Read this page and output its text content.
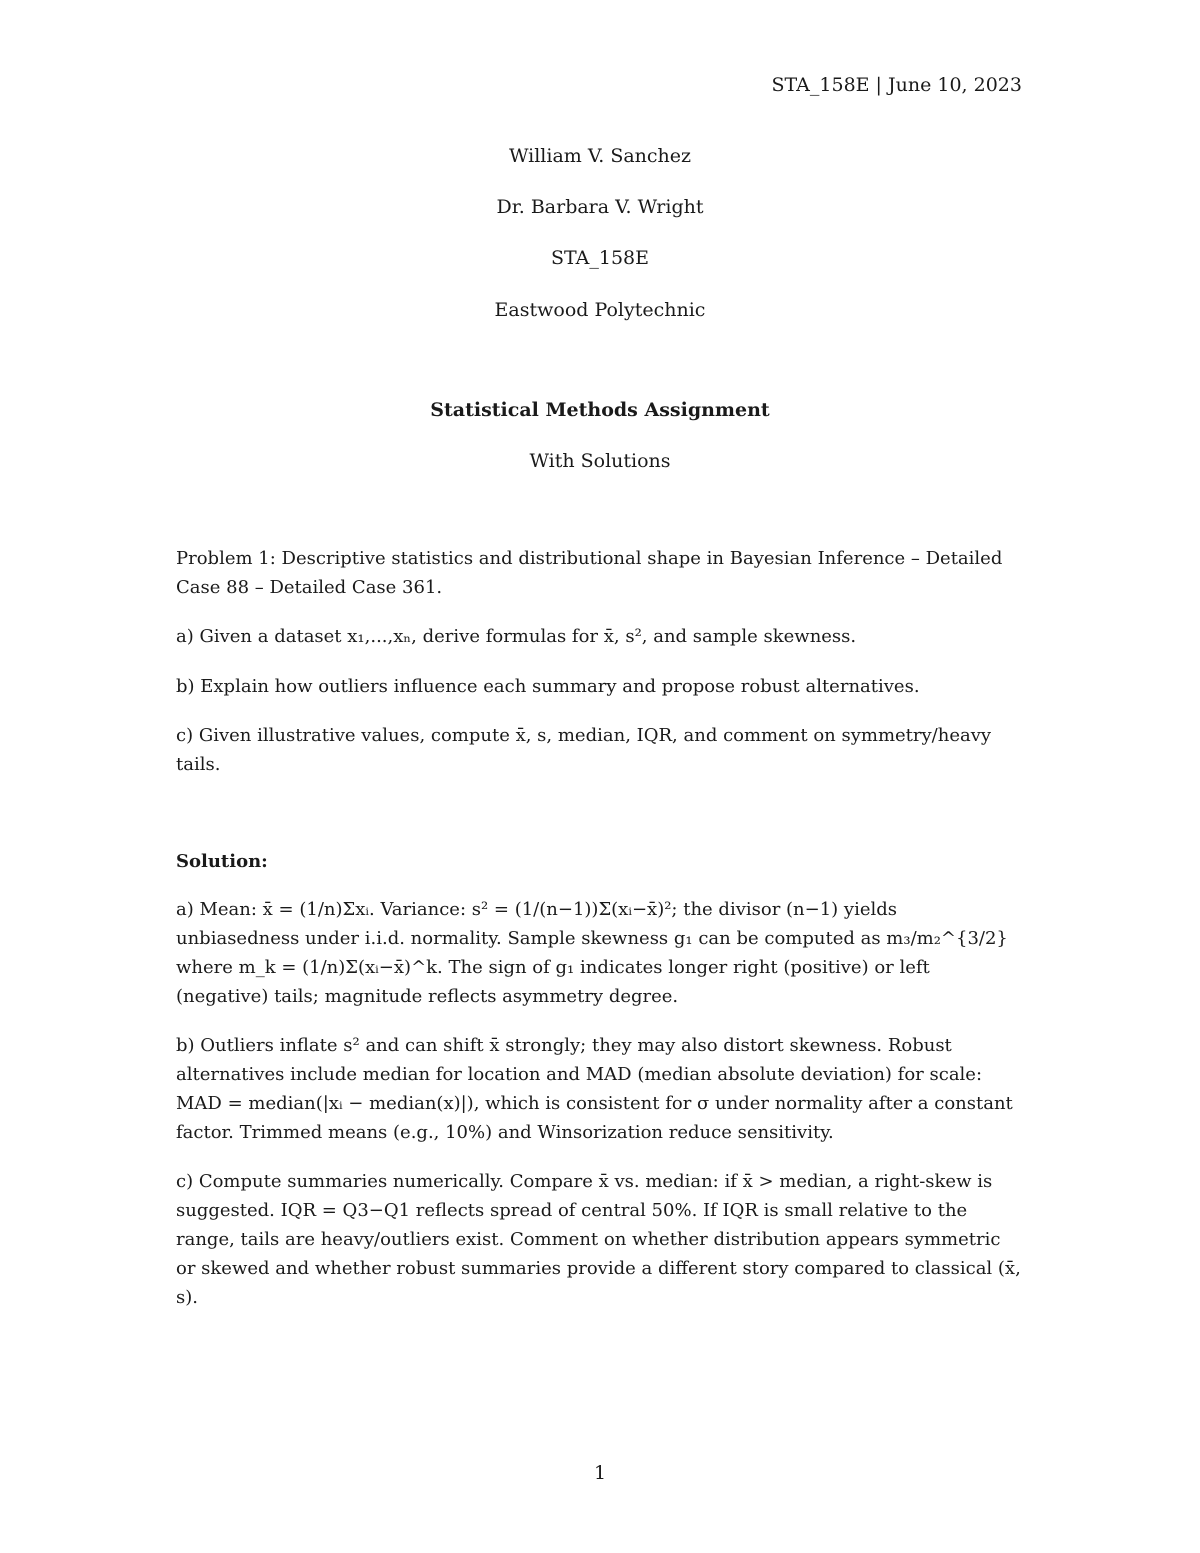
STA_158E | June 10, 2023
William V. Sanchez
Dr. Barbara V. Wright
STA_158E
Eastwood Polytechnic
Statistical Methods Assignment
With Solutions

Problem 1: Descriptive statistics and distributional shape in Bayesian Inference – Detailed Case 88 – Detailed Case 361.

a) Given a dataset x₁,...,xₙ, derive formulas for x̄, s², and sample skewness.

b) Explain how outliers influence each summary and propose robust alternatives.

c) Given illustrative values, compute x̄, s, median, IQR, and comment on symmetry/heavy tails.

Solution:

a) Mean: x̄ = (1/n)Σxᵢ. Variance: s² = (1/(n−1))Σ(xᵢ−x̄)²; the divisor (n−1) yields unbiasedness under i.i.d. normality. Sample skewness g₁ can be computed as m₃/m₂^{3/2} where m_k = (1/n)Σ(xᵢ−x̄)^k. The sign of g₁ indicates longer right (positive) or left (negative) tails; magnitude reflects asymmetry degree.

b) Outliers inflate s² and can shift x̄ strongly; they may also distort skewness. Robust alternatives include median for location and MAD (median absolute deviation) for scale: MAD = median(|xᵢ − median(x)|), which is consistent for σ under normality after a constant factor. Trimmed means (e.g., 10%) and Winsorization reduce sensitivity.

c) Compute summaries numerically. Compare x̄ vs. median: if x̄ > median, a right-skew is suggested. IQR = Q3−Q1 reflects spread of central 50%. If IQR is small relative to the range, tails are heavy/outliers exist. Comment on whether distribution appears symmetric or skewed and whether robust summaries provide a different story compared to classical (x̄, s).

1
